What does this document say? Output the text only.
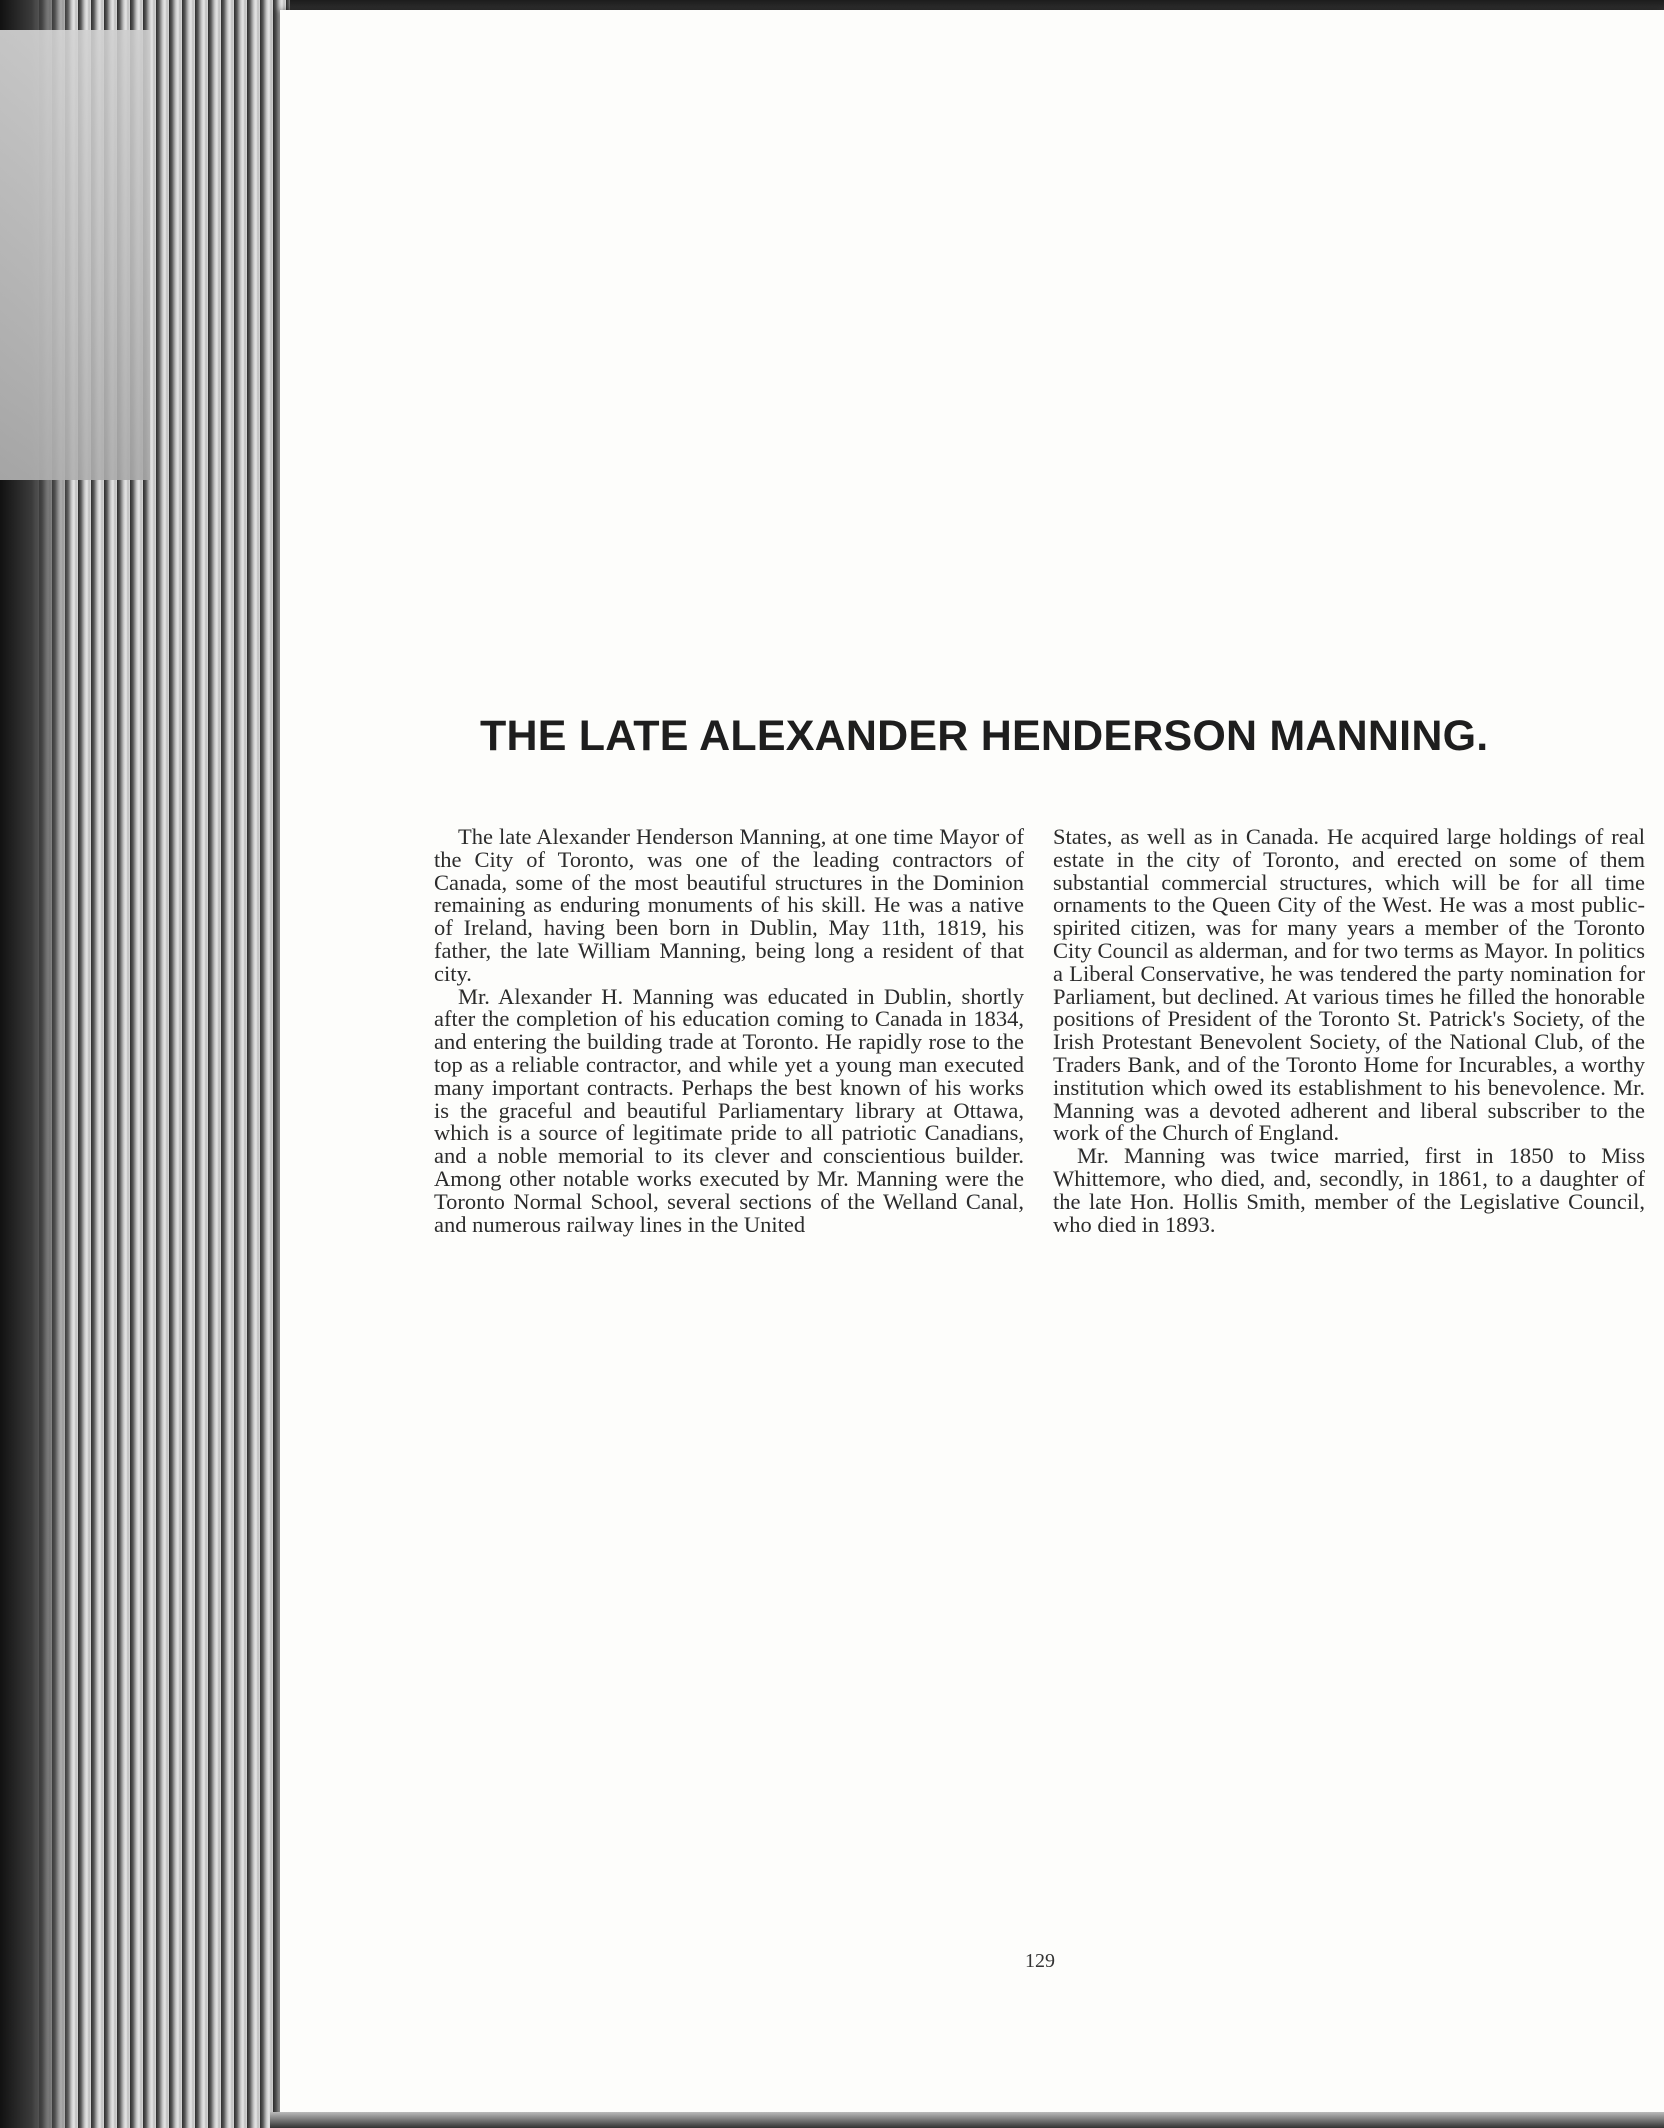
THE LATE ALEXANDER HENDERSON MANNING.

The late Alexander Henderson Manning, at one time Mayor of the City of Toronto, was one of the leading contractors of Canada, some of the most beautiful structures in the Dominion remaining as enduring monuments of his skill. He was a native of Ireland, having been born in Dublin, May 11th, 1819, his father, the late William Manning, being long a resident of that city.

Mr. Alexander H. Manning was educated in Dublin, shortly after the completion of his education coming to Canada in 1834, and entering the building trade at Toronto. He rapidly rose to the top as a reliable contractor, and while yet a young man executed many important contracts. Perhaps the best known of his works is the graceful and beautiful Parliamentary library at Ottawa, which is a source of legitimate pride to all patriotic Canadians, and a noble memorial to its clever and conscientious builder. Among other notable works executed by Mr. Manning were the Toronto Normal School, several sections of the Welland Canal, and numerous railway lines in the United

States, as well as in Canada. He acquired large holdings of real estate in the city of Toronto, and erected on some of them substantial commercial structures, which will be for all time ornaments to the Queen City of the West. He was a most public-spirited citizen, was for many years a member of the Toronto City Council as alderman, and for two terms as Mayor. In politics a Liberal Conservative, he was tendered the party nomination for Parliament, but declined. At various times he filled the honorable positions of President of the Toronto St. Patrick's Society, of the Irish Protestant Benevolent Society, of the National Club, of the Traders Bank, and of the Toronto Home for Incurables, a worthy institution which owed its establishment to his benevolence. Mr. Manning was a devoted adherent and liberal subscriber to the work of the Church of England.

Mr. Manning was twice married, first in 1850 to Miss Whittemore, who died, and, secondly, in 1861, to a daughter of the late Hon. Hollis Smith, member of the Legislative Council, who died in 1893.

129
